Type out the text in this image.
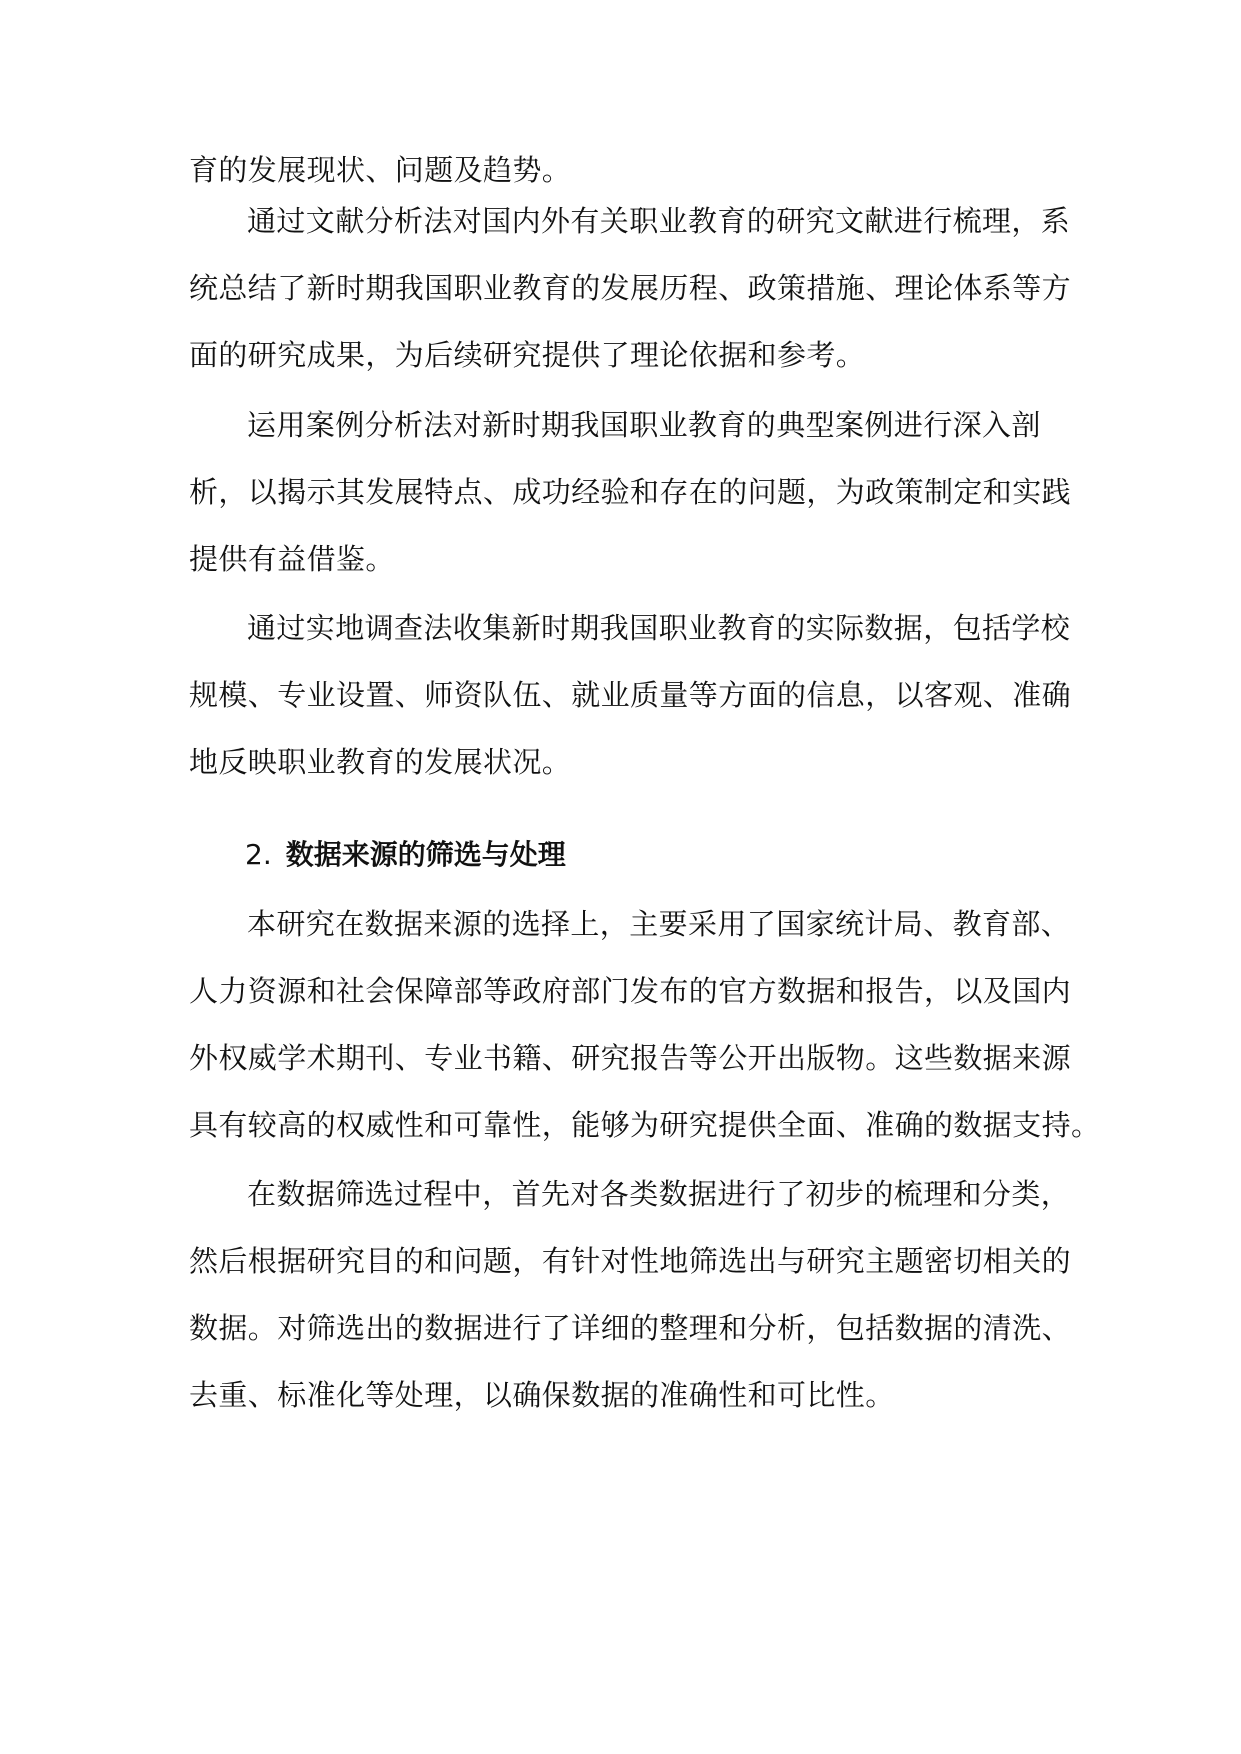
育的发展现状、问题及趋势。
通过文献分析法对国内外有关职业教育的研究文献进行梳理，系
统总结了新时期我国职业教育的发展历程、政策措施、理论体系等方
面的研究成果，为后续研究提供了理论依据和参考。
运用案例分析法对新时期我国职业教育的典型案例进行深入剖
析，以揭示其发展特点、成功经验和存在的问题，为政策制定和实践
提供有益借鉴。
通过实地调查法收集新时期我国职业教育的实际数据，包括学校
规模、专业设置、师资队伍、就业质量等方面的信息，以客观、准确
地反映职业教育的发展状况。
2. 数据来源的筛选与处理
本研究在数据来源的选择上，主要采用了国家统计局、教育部、
人力资源和社会保障部等政府部门发布的官方数据和报告，以及国内
外权威学术期刊、专业书籍、研究报告等公开出版物。这些数据来源
具有较高的权威性和可靠性，能够为研究提供全面、准确的数据支持。
在数据筛选过程中，首先对各类数据进行了初步的梳理和分类，
然后根据研究目的和问题，有针对性地筛选出与研究主题密切相关的
数据。对筛选出的数据进行了详细的整理和分析，包括数据的清洗、
去重、标准化等处理，以确保数据的准确性和可比性。
